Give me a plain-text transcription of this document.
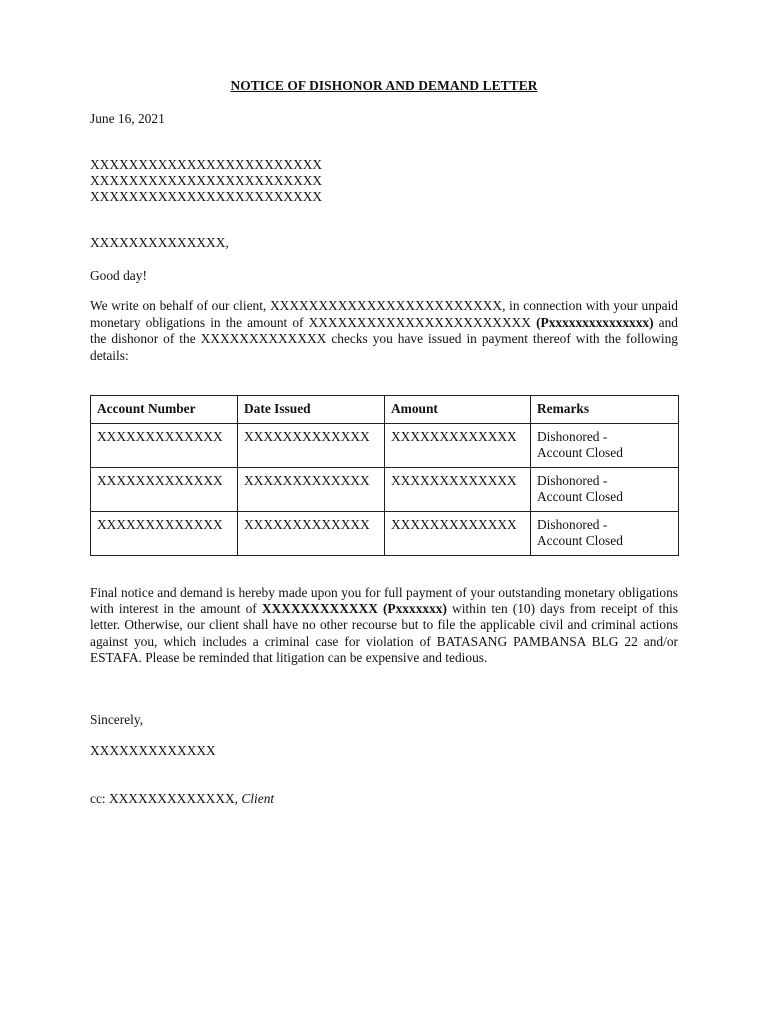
NOTICE OF DISHONOR AND DEMAND LETTER
June 16, 2021
XXXXXXXXXXXXXXXXXXXXXXXX
XXXXXXXXXXXXXXXXXXXXXXXX
XXXXXXXXXXXXXXXXXXXXXXXX
XXXXXXXXXXXXXX,
Good day!
We write on behalf of our client, XXXXXXXXXXXXXXXXXXXXXXXX, in connection with your unpaid monetary obligations in the amount of XXXXXXXXXXXXXXXXXXXXXXX (Pxxxxxxxxxxxxxxx) and the dishonor of the XXXXXXXXXXXXX checks you have issued in payment thereof with the following details:
Account Number	Date Issued	Amount	Remarks
XXXXXXXXXXXXX	XXXXXXXXXXXXX	XXXXXXXXXXXXX	Dishonored -
Account Closed

XXXXXXXXXXXXX	XXXXXXXXXXXXX	XXXXXXXXXXXXX	Dishonored -
Account Closed

XXXXXXXXXXXXX	XXXXXXXXXXXXX	XXXXXXXXXXXXX	Dishonored -
Account Closed
Final notice and demand is hereby made upon you for full payment of your outstanding monetary obligations with interest in the amount of XXXXXXXXXXXX (Pxxxxxxx) within ten (10) days from receipt of this letter. Otherwise, our client shall have no other recourse but to file the applicable civil and criminal actions against you, which includes a criminal case for violation of BATASANG PAMBANSA BLG 22 and/or ESTAFA. Please be reminded that litigation can be expensive and tedious.
Sincerely,
XXXXXXXXXXXXX
cc: XXXXXXXXXXXXX, Client
